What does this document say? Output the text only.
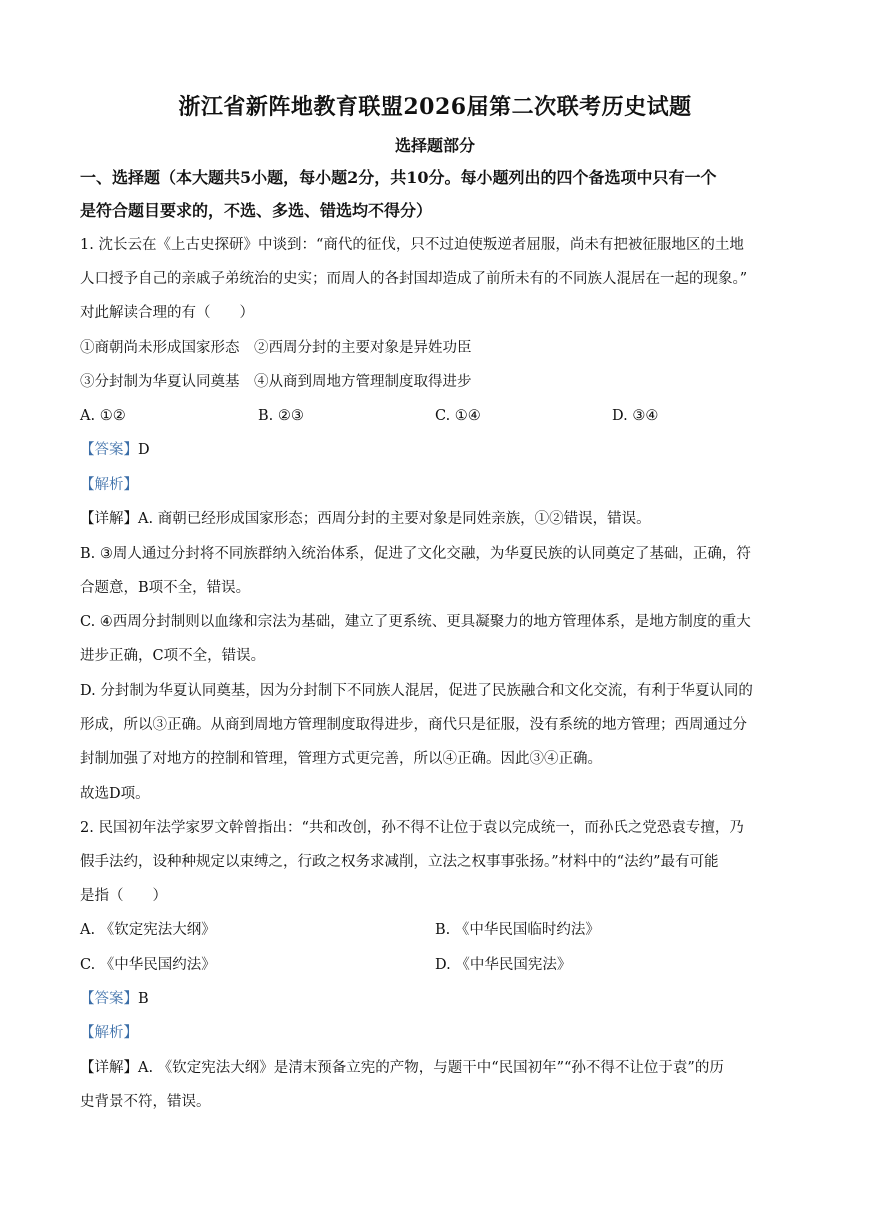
浙江省新阵地教育联盟2026届第二次联考历史试题
选择题部分
一、选择题（本大题共5小题，每小题2分，共10分。每小题列出的四个备选项中只有一个
是符合题目要求的，不选、多选、错选均不得分）
1. 沈长云在《上古史探研》中谈到：“商代的征伐，只不过迫使叛逆者屈服，尚未有把被征服地区的土地
人口授予自己的亲戚子弟统治的史实；而周人的各封国却造成了前所未有的不同族人混居在一起的现象。”
对此解读合理的有（　　）
①商朝尚未形成国家形态　②西周分封的主要对象是异姓功臣
③分封制为华夏认同奠基　④从商到周地方管理制度取得进步
A. ①②	B. ②③	C. ①④	D. ③④
【答案】D
【解析】
【详解】A. 商朝已经形成国家形态；西周分封的主要对象是同姓亲族，①②错误，错误。
B. ③周人通过分封将不同族群纳入统治体系，促进了文化交融，为华夏民族的认同奠定了基础，正确，符
合题意，B项不全，错误。
C. ④西周分封制则以血缘和宗法为基础，建立了更系统、更具凝聚力的地方管理体系，是地方制度的重大
进步正确，C项不全，错误。
D. 分封制为华夏认同奠基，因为分封制下不同族人混居，促进了民族融合和文化交流，有利于华夏认同的
形成，所以③正确。从商到周地方管理制度取得进步，商代只是征服，没有系统的地方管理；西周通过分
封制加强了对地方的控制和管理，管理方式更完善，所以④正确。因此③④正确。
故选D项。
2. 民国初年法学家罗文幹曾指出：“共和改创，孙不得不让位于袁以完成统一，而孙氏之党恐袁专擅，乃
假手法约，设种种规定以束缚之，行政之权务求减削，立法之权事事张扬。”材料中的“法约”最有可能
是指（　　）
A. 《钦定宪法大纲》	B. 《中华民国临时约法》
C. 《中华民国约法》	D. 《中华民国宪法》
【答案】B
【解析】
【详解】A. 《钦定宪法大纲》是清末预备立宪的产物，与题干中“民国初年”“孙不得不让位于袁”的历
史背景不符，错误。
